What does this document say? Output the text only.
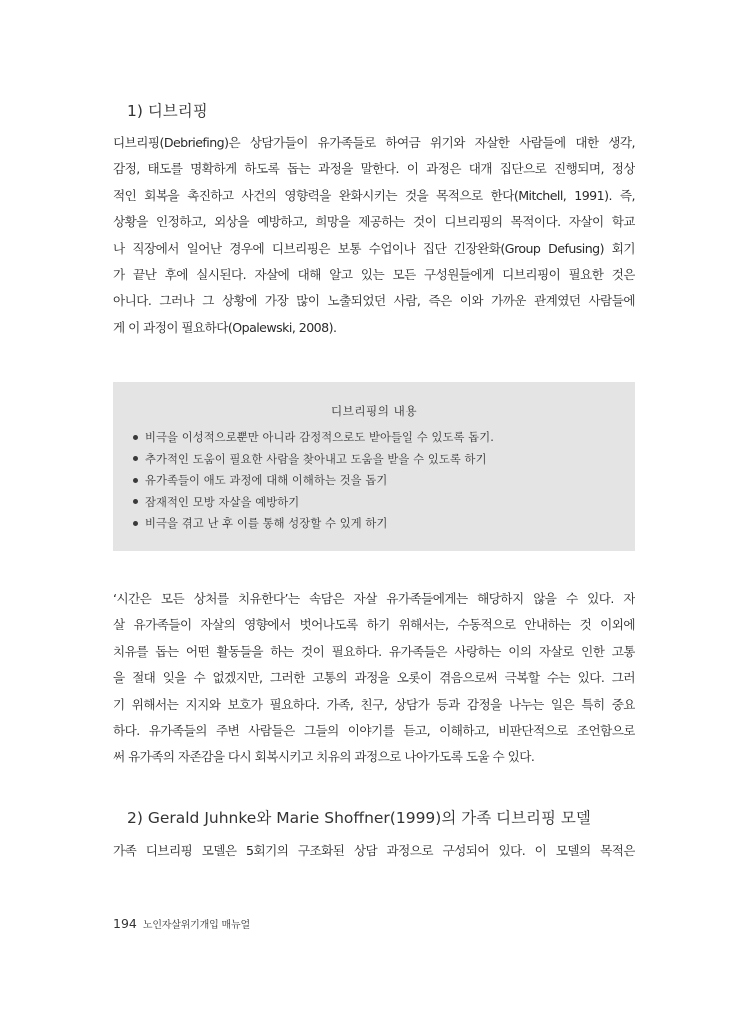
1) 디브리핑
디브리핑(Debriefing)은 상담가들이 유가족들로 하여금 위기와 자살한 사람들에 대한 생각,
감정, 태도를 명확하게 하도록 돕는 과정을 말한다. 이 과정은 대개 집단으로 진행되며, 정상
적인 회복을 촉진하고 사건의 영향력을 완화시키는 것을 목적으로 한다(Mitchell, 1991). 즉,
상황을 인정하고, 외상을 예방하고, 희망을 제공하는 것이 디브리핑의 목적이다. 자살이 학교
나 직장에서 일어난 경우에 디브리핑은 보통 수업이나 집단 긴장완화(Group Defusing) 회기
가 끝난 후에 실시된다. 자살에 대해 알고 있는 모든 구성원들에게 디브리핑이 필요한 것은
아니다. 그러나 그 상황에 가장 많이 노출되었던 사람, 즉은 이와 가까운 관계였던 사람들에
게 이 과정이 필요하다(Opalewski, 2008).
디브리핑의 내용
비극을 이성적으로뿐만 아니라 감정적으로도 받아들일 수 있도록 돕기.
추가적인 도움이 필요한 사람을 찾아내고 도움을 받을 수 있도록 하기
유가족들이 애도 과정에 대해 이해하는 것을 돕기
잠재적인 모방 자살을 예방하기
비극을 겪고 난 후 이를 통해 성장할 수 있게 하기
‘시간은 모든 상처를 치유한다’는 속담은 자살 유가족들에게는 해당하지 않을 수 있다. 자
살 유가족들이 자살의 영향에서 벗어나도록 하기 위해서는, 수동적으로 안내하는 것 이외에
치유를 돕는 어떤 활동들을 하는 것이 필요하다. 유가족들은 사랑하는 이의 자살로 인한 고통
을 절대 잊을 수 없겠지만, 그러한 고통의 과정을 오롯이 겪음으로써 극복할 수는 있다. 그러
기 위해서는 지지와 보호가 필요하다. 가족, 친구, 상담가 등과 감정을 나누는 일은 특히 중요
하다. 유가족들의 주변 사람들은 그들의 이야기를 듣고, 이해하고, 비판단적으로 조언함으로
써 유가족의 자존감을 다시 회복시키고 치유의 과정으로 나아가도록 도울 수 있다.
2) Gerald Juhnke와 Marie Shoffner(1999)의 가족 디브리핑 모델
가족 디브리핑 모델은 5회기의 구조화된 상담 과정으로 구성되어 있다. 이 모델의 목적은
194 노인자살위기개입 매뉴얼
